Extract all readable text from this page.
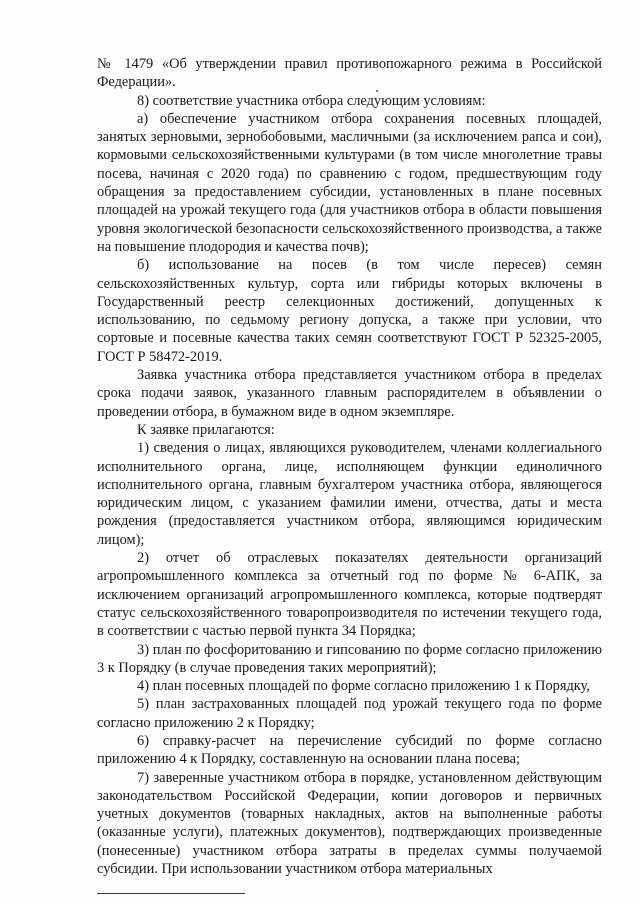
№ 1479 «Об утверждении правил противопожарного режима в Российской Федерации».

8) соответствие участника отбора следующим условиям:

а) обеспечение участником отбора сохранения посевных площадей, занятых зерновыми, зернобобовыми, масличными (за исключением рапса и сои), кормовыми сельскохозяйственными культурами (в том числе многолетние травы посева, начиная с 2020 года) по сравнению с годом, предшествующим году обращения за предоставлением субсидии, установленных в плане посевных площадей на урожай текущего года (для участников отбора в области повышения уровня экологической безопасности сельскохозяйственного производства, а также на повышение плодородия и качества почв);

б) использование на посев (в том числе пересев) семян сельскохозяйственных культур, сорта или гибриды которых включены в Государственный реестр селекционных достижений, допущенных к использованию, по седьмому региону допуска, а также при условии, что сортовые и посевные качества таких семян соответствуют ГОСТ Р 52325-2005, ГОСТ Р 58472-2019.

Заявка участника отбора представляется участником отбора в пределах срока подачи заявок, указанного главным распорядителем в объявлении о проведении отбора, в бумажном виде в одном экземпляре.

К заявке прилагаются:

1) сведения о лицах, являющихся руководителем, членами коллегиального исполнительного органа, лице, исполняющем функции единоличного исполнительного органа, главным бухгалтером участника отбора, являющегося юридическим лицом, с указанием фамилии имени, отчества, даты и места рождения (предоставляется участником отбора, являющимся юридическим лицом);

2) отчет об отраслевых показателях деятельности организаций агропромышленного комплекса за отчетный год по форме № 6-АПК, за исключением организаций агропромышленного комплекса, которые подтвердят статус сельскохозяйственного товаропроизводителя по истечении текущего года, в соответствии с частью первой пункта 34 Порядка;

3) план по фосфоритованию и гипсованию по форме согласно приложению 3 к Порядку (в случае проведения таких мероприятий);

4) план посевных площадей по форме согласно приложению 1 к Порядку,

5) план застрахованных площадей под урожай текущего года по форме согласно приложению 2 к Порядку;

6) справку-расчет на перечисление субсидий по форме согласно приложению 4 к Порядку, составленную на основании плана посева;

7) заверенные участником отбора в порядке, установленном действующим законодательством Российской Федерации, копии договоров и первичных учетных документов (товарных накладных, актов на выполненные работы (оказанные услуги), платежных документов), подтверждающих произведенные (понесенные) участником отбора затраты в пределах суммы получаемой субсидии. При использовании участником отбора материальных
